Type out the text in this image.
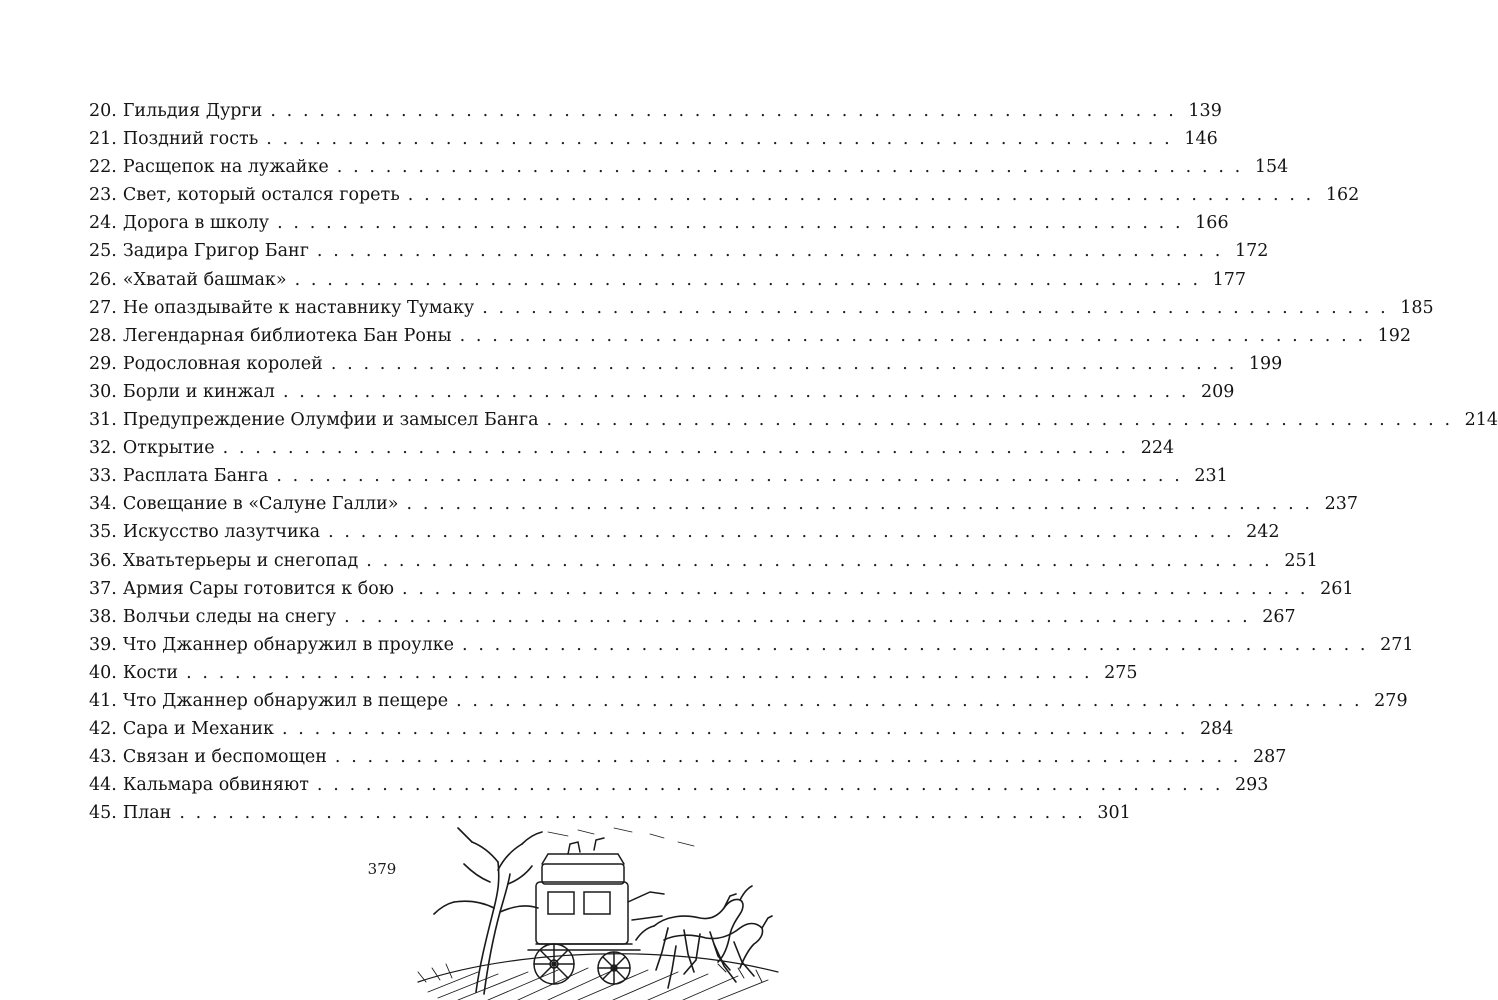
20. Гильдия Дурги . . . . . . . . . . . . . . . . . . . . . . . . . . . . . . . . . . . . . . . . . . . . . . . . . . . . . . . . 139
21. Поздний гость . . . . . . . . . . . . . . . . . . . . . . . . . . . . . . . . . . . . . . . . . . . . . . . . . . . . . . . . 146
22. Расщепок на лужайке . . . . . . . . . . . . . . . . . . . . . . . . . . . . . . . . . . . . . . . . . . . . . . . . . . . . . . . . 154
23. Свет, который остался гореть . . . . . . . . . . . . . . . . . . . . . . . . . . . . . . . . . . . . . . . . . . . . . . . . . . . . . . . . 162
24. Дорога в школу . . . . . . . . . . . . . . . . . . . . . . . . . . . . . . . . . . . . . . . . . . . . . . . . . . . . . . . . 166
25. Задира Григор Банг . . . . . . . . . . . . . . . . . . . . . . . . . . . . . . . . . . . . . . . . . . . . . . . . . . . . . . . . 172
26. «Хватай башмак» . . . . . . . . . . . . . . . . . . . . . . . . . . . . . . . . . . . . . . . . . . . . . . . . . . . . . . . . 177
27. Не опаздывайте к наставнику Тумаку . . . . . . . . . . . . . . . . . . . . . . . . . . . . . . . . . . . . . . . . . . . . . . . . . . . . . . . . 185
28. Легендарная библиотека Бан Роны . . . . . . . . . . . . . . . . . . . . . . . . . . . . . . . . . . . . . . . . . . . . . . . . . . . . . . . . 192
29. Родословная королей . . . . . . . . . . . . . . . . . . . . . . . . . . . . . . . . . . . . . . . . . . . . . . . . . . . . . . . . 199
30. Борли и кинжал . . . . . . . . . . . . . . . . . . . . . . . . . . . . . . . . . . . . . . . . . . . . . . . . . . . . . . . . 209
31. Предупреждение Олумфии и замысел Банга . . . . . . . . . . . . . . . . . . . . . . . . . . . . . . . . . . . . . . . . . . . . . . . . . . . . . . . . 214
32. Открытие . . . . . . . . . . . . . . . . . . . . . . . . . . . . . . . . . . . . . . . . . . . . . . . . . . . . . . . . 224
33. Расплата Банга . . . . . . . . . . . . . . . . . . . . . . . . . . . . . . . . . . . . . . . . . . . . . . . . . . . . . . . . 231
34. Совещание в «Салуне Галли» . . . . . . . . . . . . . . . . . . . . . . . . . . . . . . . . . . . . . . . . . . . . . . . . . . . . . . . . 237
35. Искусство лазутчика . . . . . . . . . . . . . . . . . . . . . . . . . . . . . . . . . . . . . . . . . . . . . . . . . . . . . . . . 242
36. Хватьтерьеры и снегопад . . . . . . . . . . . . . . . . . . . . . . . . . . . . . . . . . . . . . . . . . . . . . . . . . . . . . . . . 251
37. Армия Сары готовится к бою . . . . . . . . . . . . . . . . . . . . . . . . . . . . . . . . . . . . . . . . . . . . . . . . . . . . . . . . 261
38. Волчьи следы на снегу . . . . . . . . . . . . . . . . . . . . . . . . . . . . . . . . . . . . . . . . . . . . . . . . . . . . . . . . 267
39. Что Джаннер обнаружил в проулке . . . . . . . . . . . . . . . . . . . . . . . . . . . . . . . . . . . . . . . . . . . . . . . . . . . . . . . . 271
40. Кости . . . . . . . . . . . . . . . . . . . . . . . . . . . . . . . . . . . . . . . . . . . . . . . . . . . . . . . . 275
41. Что Джаннер обнаружил в пещере . . . . . . . . . . . . . . . . . . . . . . . . . . . . . . . . . . . . . . . . . . . . . . . . . . . . . . . . 279
42. Сара и Механик . . . . . . . . . . . . . . . . . . . . . . . . . . . . . . . . . . . . . . . . . . . . . . . . . . . . . . . . 284
43. Связан и беспомощен . . . . . . . . . . . . . . . . . . . . . . . . . . . . . . . . . . . . . . . . . . . . . . . . . . . . . . . . 287
44. Кальмара обвиняют . . . . . . . . . . . . . . . . . . . . . . . . . . . . . . . . . . . . . . . . . . . . . . . . . . . . . . . . 293
45. План . . . . . . . . . . . . . . . . . . . . . . . . . . . . . . . . . . . . . . . . . . . . . . . . . . . . . . . . 301
379
